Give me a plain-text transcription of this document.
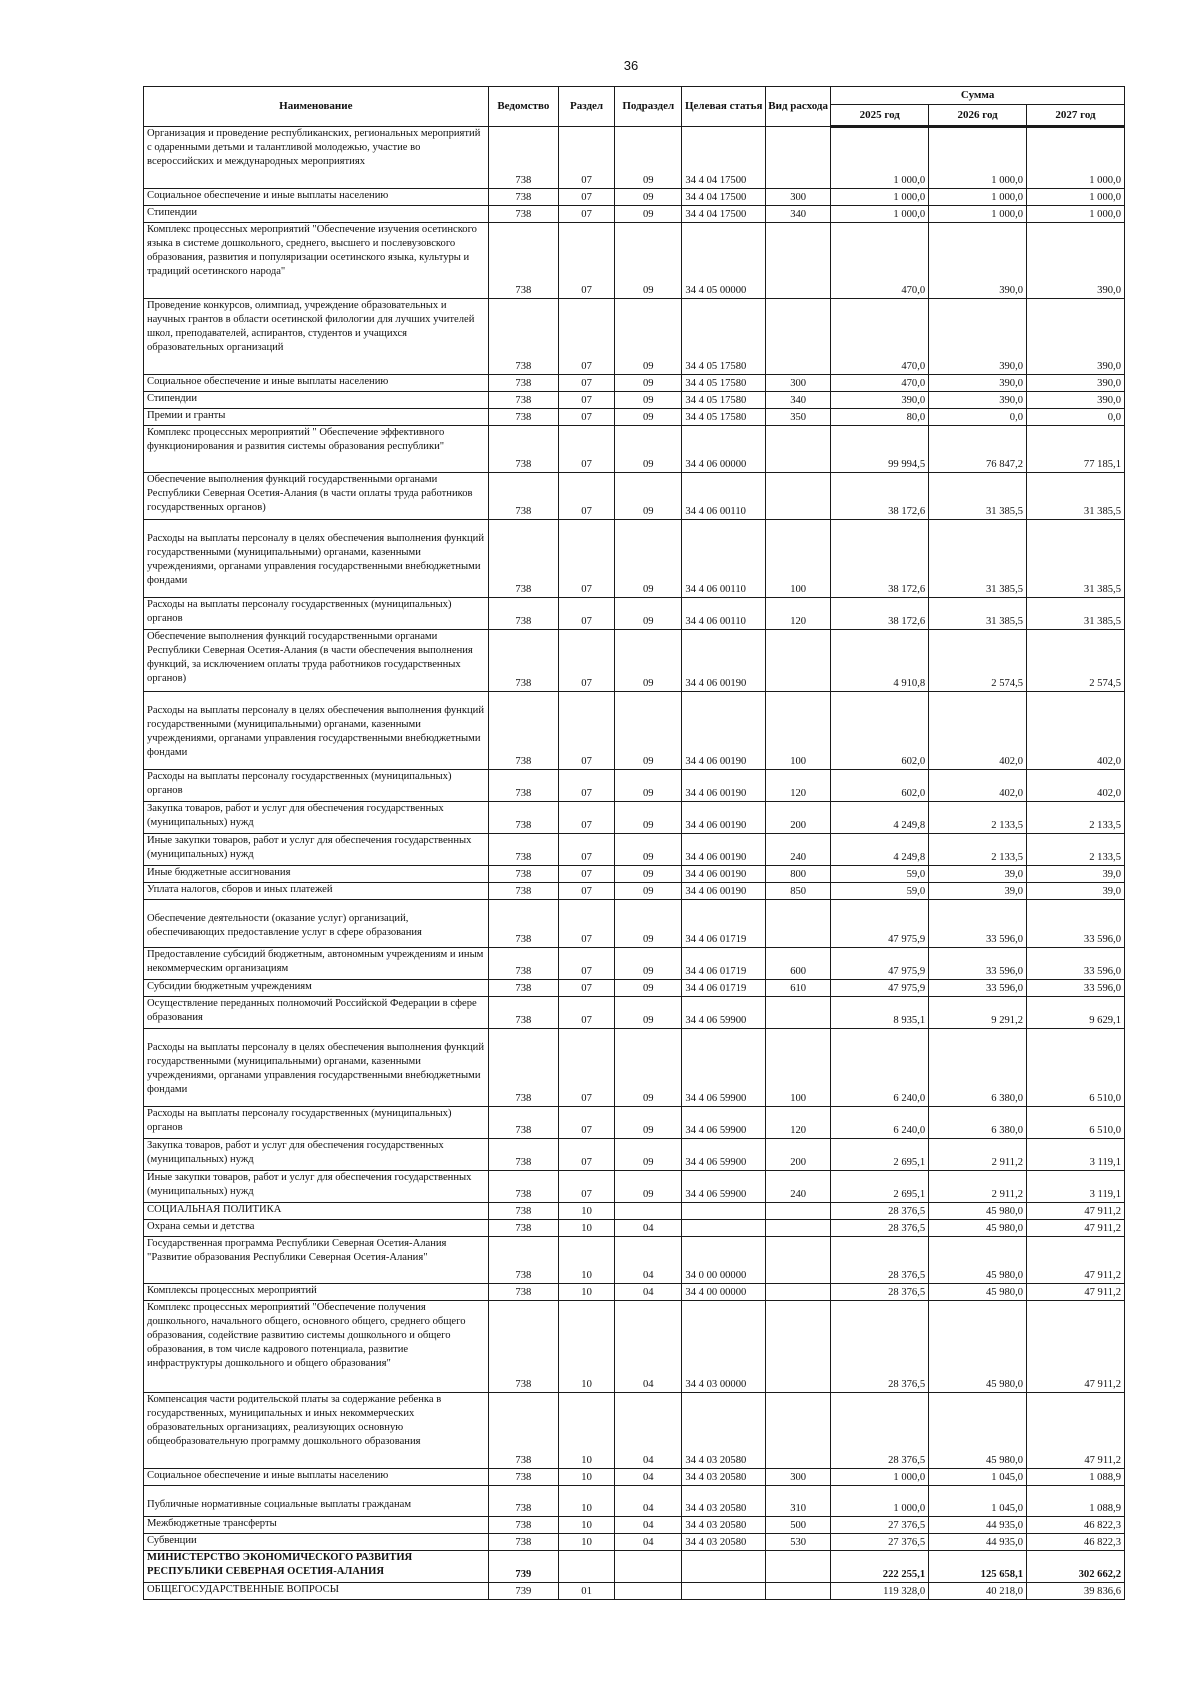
36
Наименование	Ведомство	Раздел	Подраздел	Целевая статья	Вид расхода	Сумма		
						2025 год	2026 год	2027 год
Организация и проведение республиканских, региональных мероприятий с одаренными детьми и талантливой молодежью, участие во всероссийских и международных мероприятиях	738	07	09	34 4 04 17500		1 000,0	1 000,0	1 000,0
Социальное обеспечение и иные выплаты населению	738	07	09	34 4 04 17500	300	1 000,0	1 000,0	1 000,0
Стипендии	738	07	09	34 4 04 17500	340	1 000,0	1 000,0	1 000,0
Комплекс процессных мероприятий "Обеспечение изучения осетинского языка в системе дошкольного, среднего, высшего и послевузовского образования, развития и популяризации осетинского языка, культуры и традиций осетинского народа"	738	07	09	34 4 05 00000		470,0	390,0	390,0
Проведение конкурсов, олимпиад, учреждение образовательных и научных грантов в области осетинской филологии для лучших учителей школ, преподавателей, аспирантов, студентов и учащихся образовательных организаций	738	07	09	34 4 05 17580		470,0	390,0	390,0
Социальное обеспечение и иные выплаты населению	738	07	09	34 4 05 17580	300	470,0	390,0	390,0
Стипендии	738	07	09	34 4 05 17580	340	390,0	390,0	390,0
Премии и гранты	738	07	09	34 4 05 17580	350	80,0	0,0	0,0
Комплекс процессных мероприятий " Обеспечение эффективного функционирования и развития системы образования республики"	738	07	09	34 4 06 00000		99 994,5	76 847,2	77 185,1
Обеспечение выполнения функций государственными органами Республики Северная Осетия-Алания (в части оплаты труда работников государственных органов)	738	07	09	34 4 06 00110		38 172,6	31 385,5	31 385,5
Расходы на выплаты персоналу в целях обеспечения выполнения функций государственными (муниципальными) органами, казенными учреждениями, органами управления государственными внебюджетными фондами	738	07	09	34 4 06 00110	100	38 172,6	31 385,5	31 385,5
Расходы на выплаты персоналу государственных (муниципальных) органов	738	07	09	34 4 06 00110	120	38 172,6	31 385,5	31 385,5
Обеспечение выполнения функций государственными органами Республики Северная Осетия-Алания (в части обеспечения выполнения функций, за исключением оплаты труда работников государственных органов)	738	07	09	34 4 06 00190		4 910,8	2 574,5	2 574,5
Расходы на выплаты персоналу в целях обеспечения выполнения функций государственными (муниципальными) органами, казенными учреждениями, органами управления государственными внебюджетными фондами	738	07	09	34 4 06 00190	100	602,0	402,0	402,0
Расходы на выплаты персоналу государственных (муниципальных) органов	738	07	09	34 4 06 00190	120	602,0	402,0	402,0
Закупка товаров, работ и услуг для обеспечения государственных (муниципальных) нужд	738	07	09	34 4 06 00190	200	4 249,8	2 133,5	2 133,5
Иные закупки товаров, работ и услуг для обеспечения государственных (муниципальных) нужд	738	07	09	34 4 06 00190	240	4 249,8	2 133,5	2 133,5
Иные бюджетные ассигнования	738	07	09	34 4 06 00190	800	59,0	39,0	39,0
Уплата налогов, сборов и иных платежей	738	07	09	34 4 06 00190	850	59,0	39,0	39,0
Обеспечение деятельности (оказание услуг) организаций, обеспечивающих предоставление услуг в сфере образования	738	07	09	34 4 06 01719		47 975,9	33 596,0	33 596,0
Предоставление субсидий бюджетным, автономным учреждениям и иным некоммерческим организациям	738	07	09	34 4 06 01719	600	47 975,9	33 596,0	33 596,0
Субсидии бюджетным учреждениям	738	07	09	34 4 06 01719	610	47 975,9	33 596,0	33 596,0
Осуществление переданных полномочий Российской Федерации в сфере образования	738	07	09	34 4 06 59900		8 935,1	9 291,2	9 629,1
Расходы на выплаты персоналу в целях обеспечения выполнения функций государственными (муниципальными) органами, казенными учреждениями, органами управления государственными внебюджетными фондами	738	07	09	34 4 06 59900	100	6 240,0	6 380,0	6 510,0
Расходы на выплаты персоналу государственных (муниципальных) органов	738	07	09	34 4 06 59900	120	6 240,0	6 380,0	6 510,0
Закупка товаров, работ и услуг для обеспечения государственных (муниципальных) нужд	738	07	09	34 4 06 59900	200	2 695,1	2 911,2	3 119,1
Иные закупки товаров, работ и услуг для обеспечения государственных (муниципальных) нужд	738	07	09	34 4 06 59900	240	2 695,1	2 911,2	3 119,1
СОЦИАЛЬНАЯ ПОЛИТИКА	738	10				28 376,5	45 980,0	47 911,2
Охрана семьи и детства	738	10	04			28 376,5	45 980,0	47 911,2
Государственная программа Республики Северная Осетия-Алания "Развитие образования Республики Северная Осетия-Алания"	738	10	04	34 0 00 00000		28 376,5	45 980,0	47 911,2
Комплексы процессных мероприятий	738	10	04	34 4 00 00000		28 376,5	45 980,0	47 911,2
Комплекс процессных мероприятий "Обеспечение получения дошкольного, начального общего, основного общего, среднего общего образования, содействие развитию системы дошкольного и общего образования, в том числе кадрового потенциала, развитие инфраструктуры дошкольного и общего образования"	738	10	04	34 4 03 00000		28 376,5	45 980,0	47 911,2
Компенсация части родительской платы за содержание ребенка в государственных, муниципальных и иных некоммерческих образовательных организациях, реализующих основную общеобразовательную программу дошкольного образования	738	10	04	34 4 03 20580		28 376,5	45 980,0	47 911,2
Социальное обеспечение и иные выплаты населению	738	10	04	34 4 03 20580	300	1 000,0	1 045,0	1 088,9
Публичные нормативные социальные выплаты гражданам	738	10	04	34 4 03 20580	310	1 000,0	1 045,0	1 088,9
Межбюджетные трансферты	738	10	04	34 4 03 20580	500	27 376,5	44 935,0	46 822,3
Субвенции	738	10	04	34 4 03 20580	530	27 376,5	44 935,0	46 822,3
МИНИСТЕРСТВО ЭКОНОМИЧЕСКОГО РАЗВИТИЯ РЕСПУБЛИКИ СЕВЕРНАЯ ОСЕТИЯ-АЛАНИЯ	739					222 255,1	125 658,1	302 662,2
ОБЩЕГОСУДАРСТВЕННЫЕ ВОПРОСЫ	739	01				119 328,0	40 218,0	39 836,6
